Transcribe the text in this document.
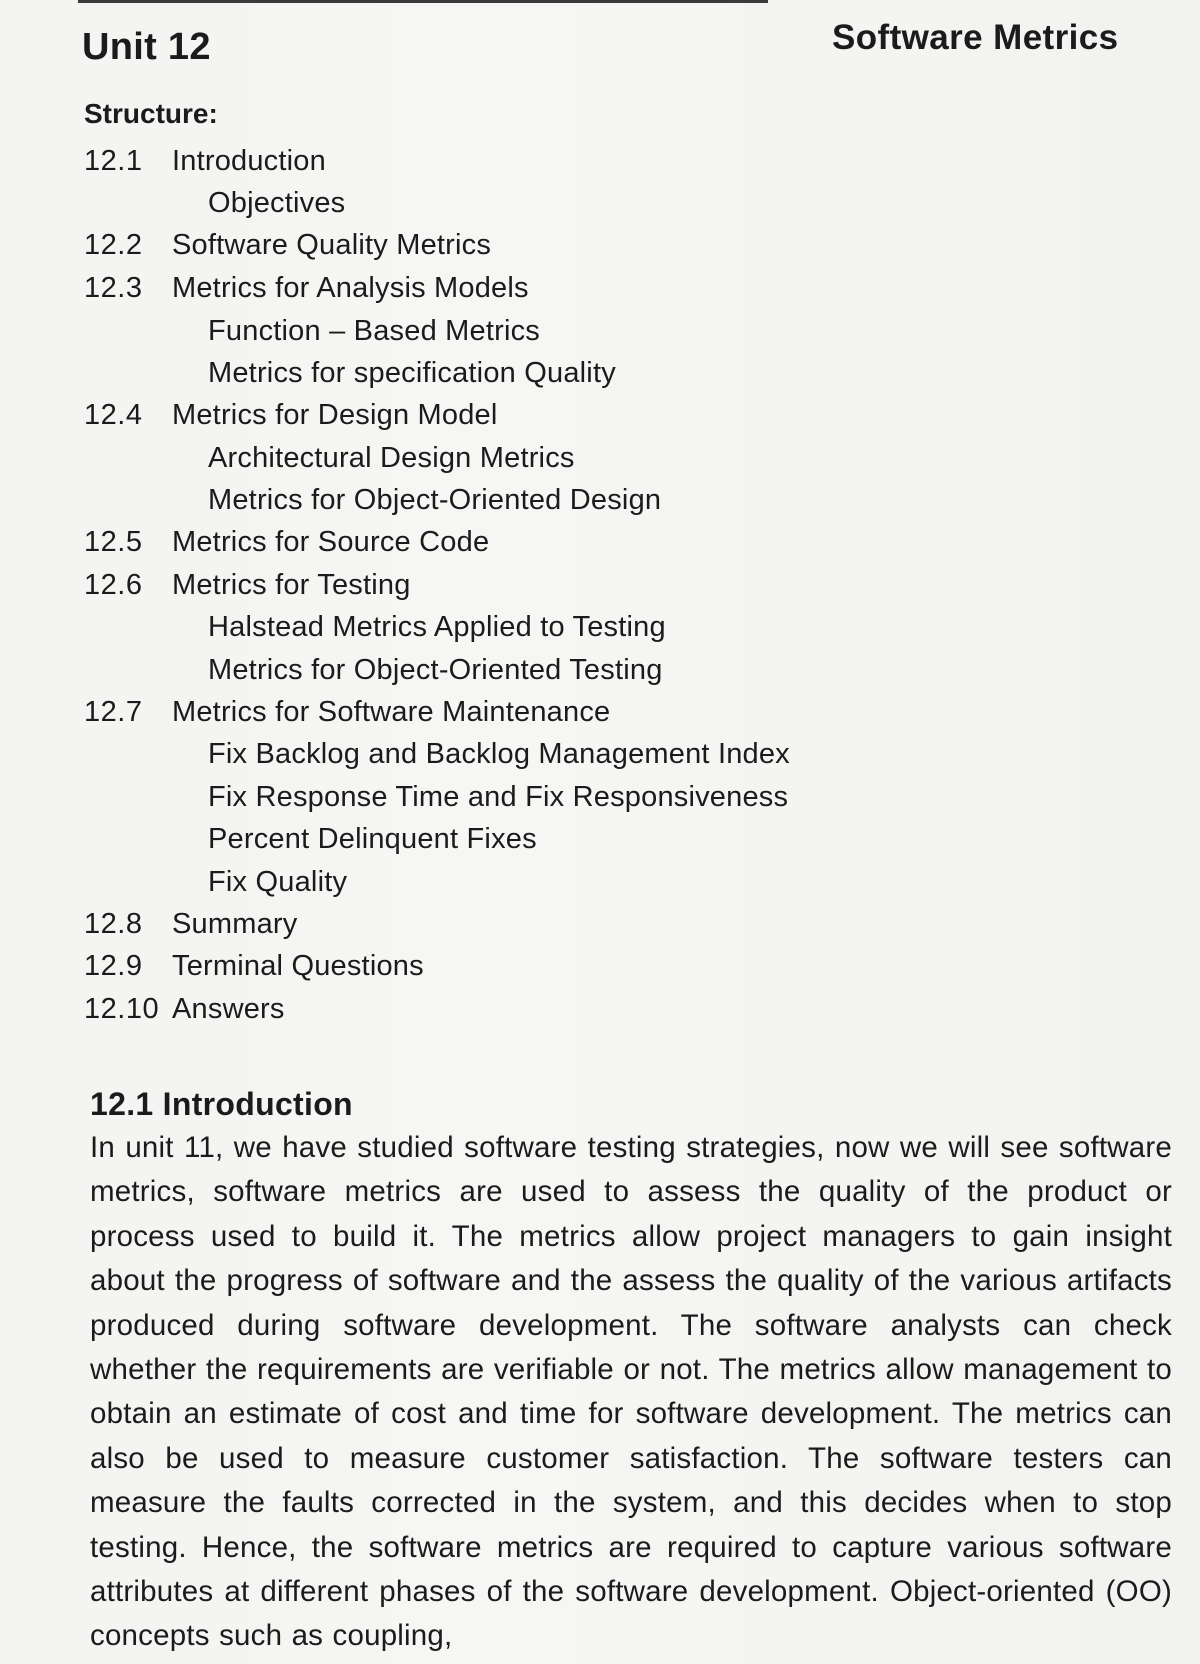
Unit 12	Software Metrics
Structure:
12.1	Introduction
Objectives
12.2	Software Quality Metrics
12.3	Metrics for Analysis Models
Function – Based Metrics
Metrics for specification Quality
12.4	Metrics for Design Model
Architectural Design Metrics
Metrics for Object-Oriented Design
12.5	Metrics for Source Code
12.6	Metrics for Testing
Halstead Metrics Applied to Testing
Metrics for Object-Oriented Testing
12.7	Metrics for Software Maintenance
Fix Backlog and Backlog Management Index
Fix Response Time and Fix Responsiveness
Percent Delinquent Fixes
Fix Quality
12.8	Summary
12.9	Terminal Questions
12.10 Answers
12.1 Introduction

In unit 11, we have studied software testing strategies, now we will see software metrics, software metrics are used to assess the quality of the product or process used to build it. The metrics allow project managers to gain insight about the progress of software and the assess the quality of the various artifacts produced during software development. The software analysts can check whether the requirements are verifiable or not. The metrics allow management to obtain an estimate of cost and time for software development. The metrics can also be used to measure customer satisfaction. The software testers can measure the faults corrected in the system, and this decides when to stop testing. Hence, the software metrics are required to capture various software attributes at different phases of the software development. Object-oriented (OO) concepts such as coupling,
